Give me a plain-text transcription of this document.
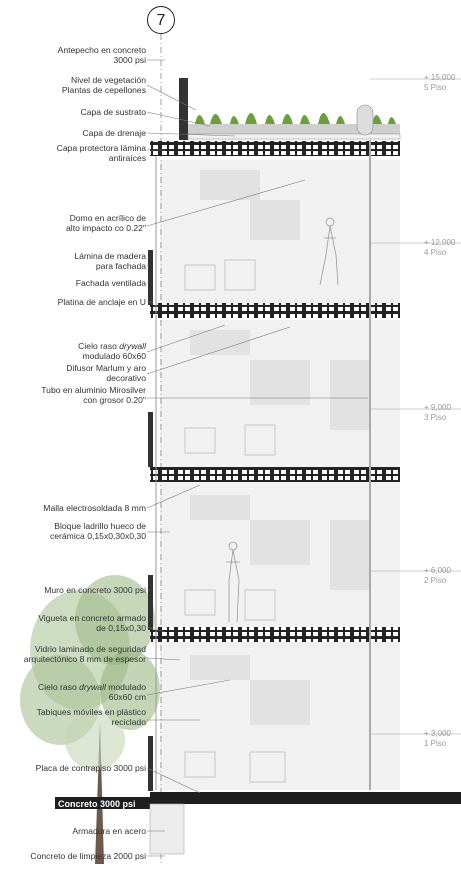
7
Antepecho en concreto
3000 psi
Nivel de vegetación
Plantas de cepellones
Capa de sustrato
Capa de drenaje
Capa protectora lámina
antiraíces
Domo en acrílico de
alto impacto co 0.22"
Lámina de madera
para fachada
Fachada ventilada
Platina de anclaje en U
Cielo raso drywall
modulado 60x60
Difusor Marlum y aro
decorativo
Tubo en aluminio Mirosilver
con grosor 0.20"
Malla electrosoldada 8 mm
Bloque ladrillo hueco de
cerámica 0,15x0,30x0,30
Muro en concreto 3000 psi
Vigueta en concreto armado
de 0,15x0,30
Vidrio laminado de seguridad
arquitectónico 8 mm de espesor
Cielo raso drywall modulado
60x60 cm
Tabiques móviles en plástico
reciclado
Placa de contrapiso 3000 psi
Concreto 3000 psi
Armadura en acero
Concreto de limpieza 2000 psi
+ 15,000
5 Piso
+ 12,000
4 Piso
+ 9,000
3 Piso
+ 6,000
2 Piso
+ 3,000
1 Piso
